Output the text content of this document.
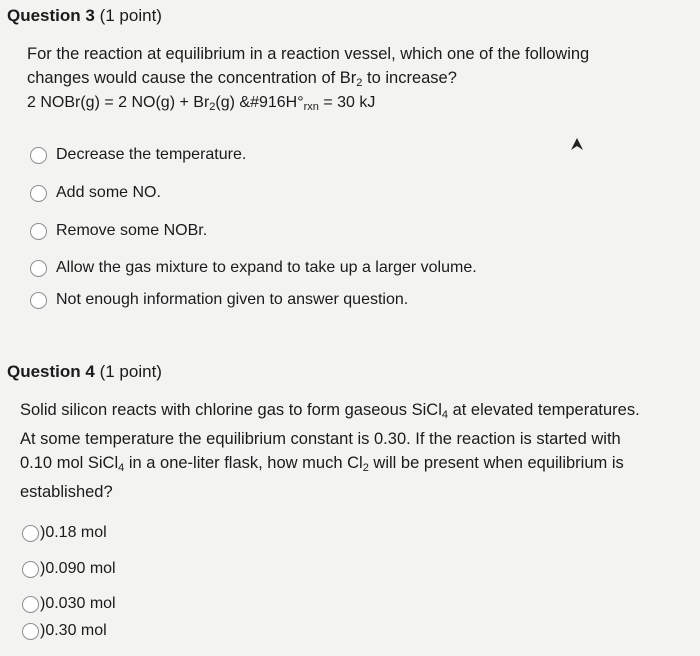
Question 3 (1 point)
For the reaction at equilibrium in a reaction vessel, which one of the following
changes would cause the concentration of $Br_2$ to increase?
2 NOBr(g) = 2 $NO(g) + Br_2(g)$ $\&\#916H^\circ_{rxn} = 30$ kJ
Decrease the temperature.
Add some NO.
Remove some NOBr.
Allow the gas mixture to expand to take up a larger volume.
Not enough information given to answer question.
Question 4 (1 point)
Solid silicon reacts with chlorine gas to form gaseous SiCl$_4$ at elevated temperatures.
At some temperature the equilibrium constant is 0.30. If the reaction is started with
0.10 mol SiCl$_4$ in a one-liter flask, how much $Cl_2$ will be present when equilibrium is
established?
) 0.18 mol
) 0.090 mol
) 0.030 mol
) 0.30 mol
